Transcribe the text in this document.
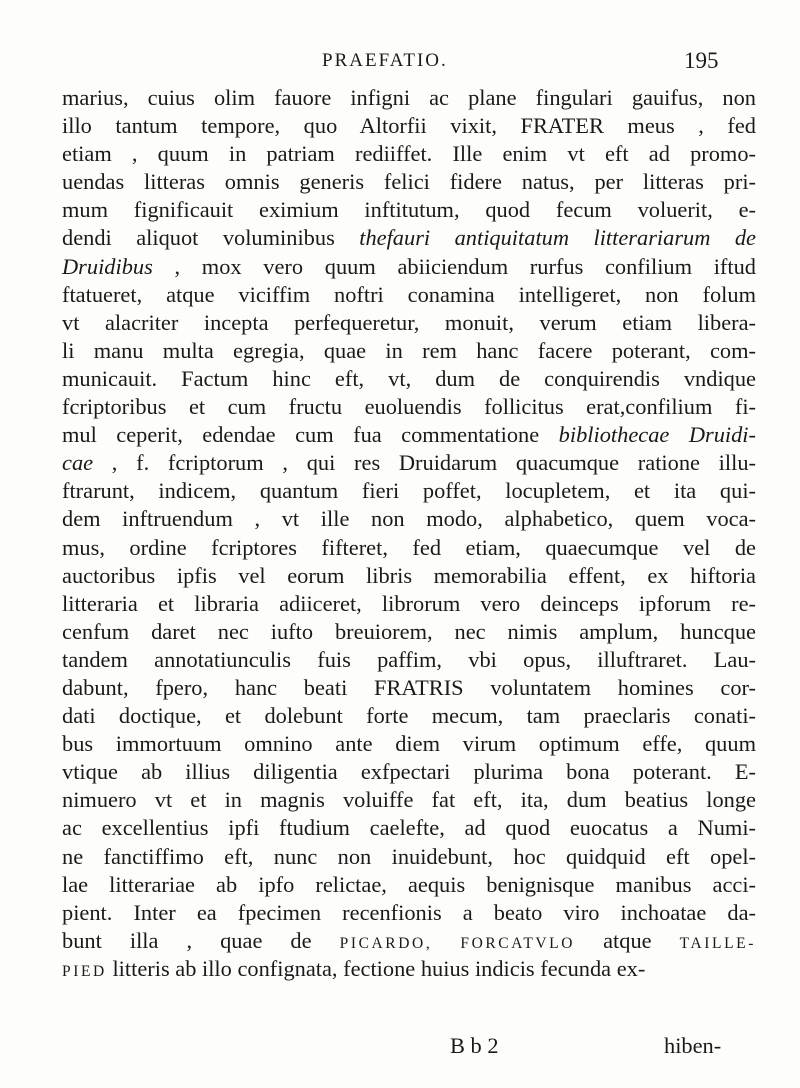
PRAEFATIO.	195
marius, cuius olim fauore infigni ac plane fingulari gauifus, non
illo tantum tempore, quo Altorfii vixit, FRATER meus , fed
etiam , quum in patriam rediiffet. Ille enim vt eft ad promo-
uendas litteras omnis generis felici fidere natus, per litteras pri-
mum fignificauit eximium inftitutum, quod fecum voluerit, e-
dendi aliquot voluminibus thefauri antiquitatum litterariarum de
Druidibus , mox vero quum abiiciendum rurfus confilium iftud
ftatueret, atque viciffim noftri conamina intelligeret, non folum
vt alacriter incepta perfequeretur, monuit, verum etiam libera-
li manu multa egregia, quae in rem hanc facere poterant, com-
municauit. Factum hinc eft, vt, dum de conquirendis vndique
fcriptoribus et cum fructu euoluendis follicitus erat,confilium fi-
mul ceperit, edendae cum fua commentatione bibliothecae Druidi-
cae , f. fcriptorum , qui res Druidarum quacumque ratione illu-
ftrarunt, indicem, quantum fieri poffet, locupletem, et ita qui-
dem inftruendum , vt ille non modo, alphabetico, quem voca-
mus, ordine fcriptores fifteret, fed etiam, quaecumque vel de
auctoribus ipfis vel eorum libris memorabilia effent, ex hiftoria
litteraria et libraria adiiceret, librorum vero deinceps ipforum re-
cenfum daret nec iufto breuiorem, nec nimis amplum, huncque
tandem annotatiunculis fuis paffim, vbi opus, illuftraret. Lau-
dabunt, fpero, hanc beati FRATRIS voluntatem homines cor-
dati doctique, et dolebunt forte mecum, tam praeclaris conati-
bus immortuum omnino ante diem virum optimum effe, quum
vtique ab illius diligentia exfpectari plurima bona poterant. E-
nimuero vt et in magnis voluiffe fat eft, ita, dum beatius longe
ac excellentius ipfi ftudium caelefte, ad quod euocatus a Numi-
ne fanctiffimo eft, nunc non inuidebunt, hoc quidquid eft opel-
lae litterariae ab ipfo relictae, aequis benignisque manibus acci-
pient. Inter ea fpecimen recenfionis a beato viro inchoatae da-
bunt illa , quae de PICARDO, FORCATVLO atque TAILLE-
PIED litteris ab illo confignata, fectione huius indicis fecunda ex-
B b 2	hiben-
